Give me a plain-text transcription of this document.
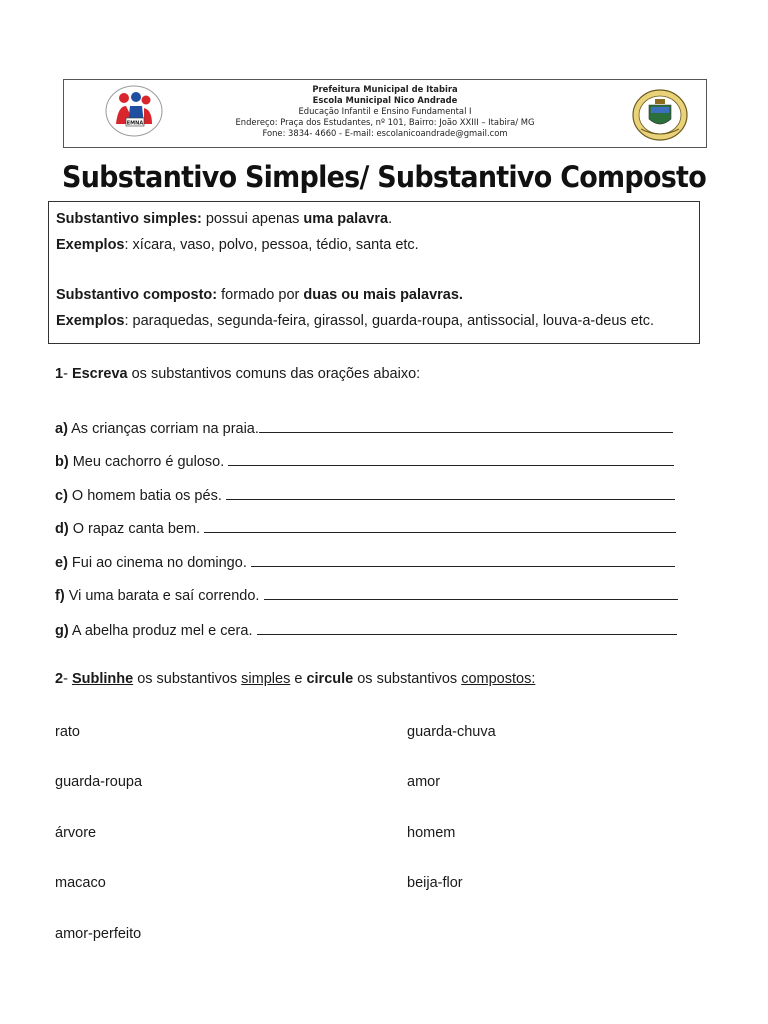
EMNA
Prefeitura Municipal de Itabira
Escola Municipal Nico Andrade
Educação Infantil e Ensino Fundamental I
Endereço: Praça dos Estudantes, nº 101, Bairro: João XXIII – Itabira/ MG
Fone: 3834- 4660 - E-mail: escolanicoandrade@gmail.com
Substantivo Simples/ Substantivo Composto
Substantivo simples: possui apenas uma palavra.
Exemplos: xícara, vaso, polvo, pessoa, tédio, santa etc.
Substantivo composto: formado por duas ou mais palavras.
Exemplos: paraquedas, segunda-feira, girassol, guarda-roupa, antissocial, louva-a-deus etc.
1- Escreva os substantivos comuns das orações abaixo:
a) As crianças corriam na praia.
b) Meu cachorro é guloso.
c) O homem batia os pés.
d) O rapaz canta bem.
e) Fui ao cinema no domingo.
f) Vi uma barata e saí correndo.
g) A abelha produz mel e cera.
2- Sublinhe os substantivos simples e circule os substantivos compostos:
rato
guarda-roupa
árvore
macaco
amor-perfeito
guarda-chuva
amor
homem
beija-flor
